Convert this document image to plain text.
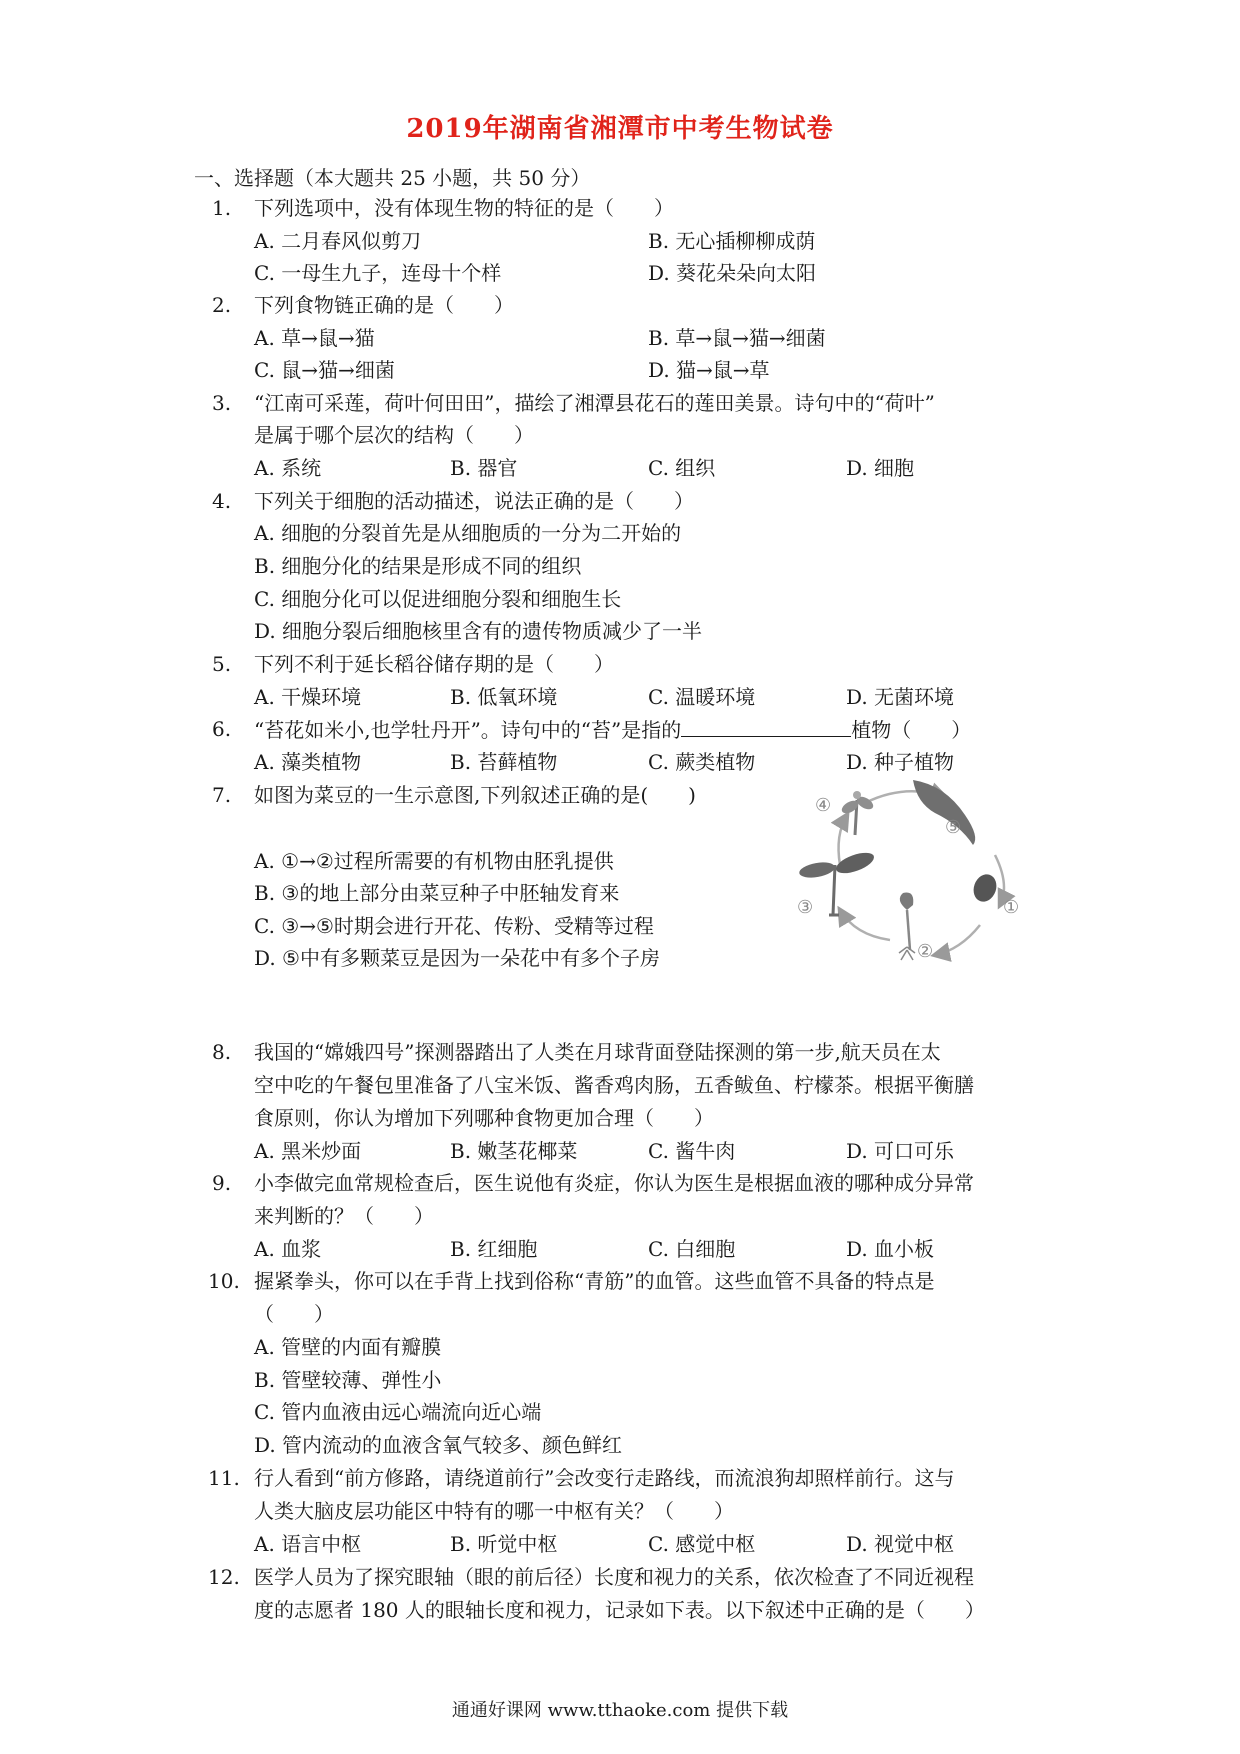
2019年湖南省湘潭市中考生物试卷
一、选择题（本大题共 25 小题，共 50 分）
1.	下列选项中，没有体现生物的特征的是（　　）
A. 二月春风似剪刀	B. 无心插柳柳成荫
C. 一母生九子，连母十个样	D. 葵花朵朵向太阳
2.	下列食物链正确的是（　　）
A. 草→鼠→猫	B. 草→鼠→猫→细菌
C. 鼠→猫→细菌	D. 猫→鼠→草
3.	“江南可采莲，荷叶何田田”，描绘了湘潭县花石的莲田美景。诗句中的“荷叶”
是属于哪个层次的结构（　　）
A. 系统	B. 器官	C. 组织	D. 细胞
4.	下列关于细胞的活动描述，说法正确的是（　　）
A. 细胞的分裂首先是从细胞质的一分为二开始的
B. 细胞分化的结果是形成不同的组织
C. 细胞分化可以促进细胞分裂和细胞生长
D. 细胞分裂后细胞核里含有的遗传物质减少了一半
5.	下列不利于延长稻谷储存期的是（　　）
A. 干燥环境	B. 低氧环境	C. 温暖环境	D. 无菌环境
6.	“苔花如米小,也学牡丹开”。诗句中的“苔”是指的	植物（　　）
A. 藻类植物	B. 苔藓植物	C. 蕨类植物	D. 种子植物
7.	如图为菜豆的一生示意图,下列叙述正确的是(　　)
A. ①→②过程所需要的有机物由胚乳提供
B. ③的地上部分由菜豆种子中胚轴发育来
C. ③→⑤时期会进行开花、传粉、受精等过程
D. ⑤中有多颗菜豆是因为一朵花中有多个子房
④
⑤
①
②
③
8.	我国的“嫦娥四号”探测器踏出了人类在月球背面登陆探测的第一步,航天员在太
空中吃的午餐包里准备了八宝米饭、酱香鸡肉肠，五香鲅鱼、柠檬茶。根据平衡膳
食原则，你认为增加下列哪种食物更加合理（　　）
A. 黑米炒面	B. 嫩茎花椰菜	C. 酱牛肉	D. 可口可乐
9.	小李做完血常规检查后，医生说他有炎症，你认为医生是根据血液的哪种成分异常
来判断的？（　　）
A. 血浆	B. 红细胞	C. 白细胞	D. 血小板
10. 握紧拳头，你可以在手背上找到俗称“青筋”的血管。这些血管不具备的特点是
（　　）
A. 管壁的内面有瓣膜
B. 管壁较薄、弹性小
C. 管内血液由远心端流向近心端
D. 管内流动的血液含氧气较多、颜色鲜红
11. 行人看到“前方修路，请绕道前行”会改变行走路线，而流浪狗却照样前行。这与
人类大脑皮层功能区中特有的哪一中枢有关？（　　）
A. 语言中枢	B. 听觉中枢	C. 感觉中枢	D. 视觉中枢
12. 医学人员为了探究眼轴（眼的前后径）长度和视力的关系，依次检查了不同近视程
度的志愿者 180 人的眼轴长度和视力，记录如下表。以下叙述中正确的是（　　）
通通好课网 www.tthaoke.com 提供下载
